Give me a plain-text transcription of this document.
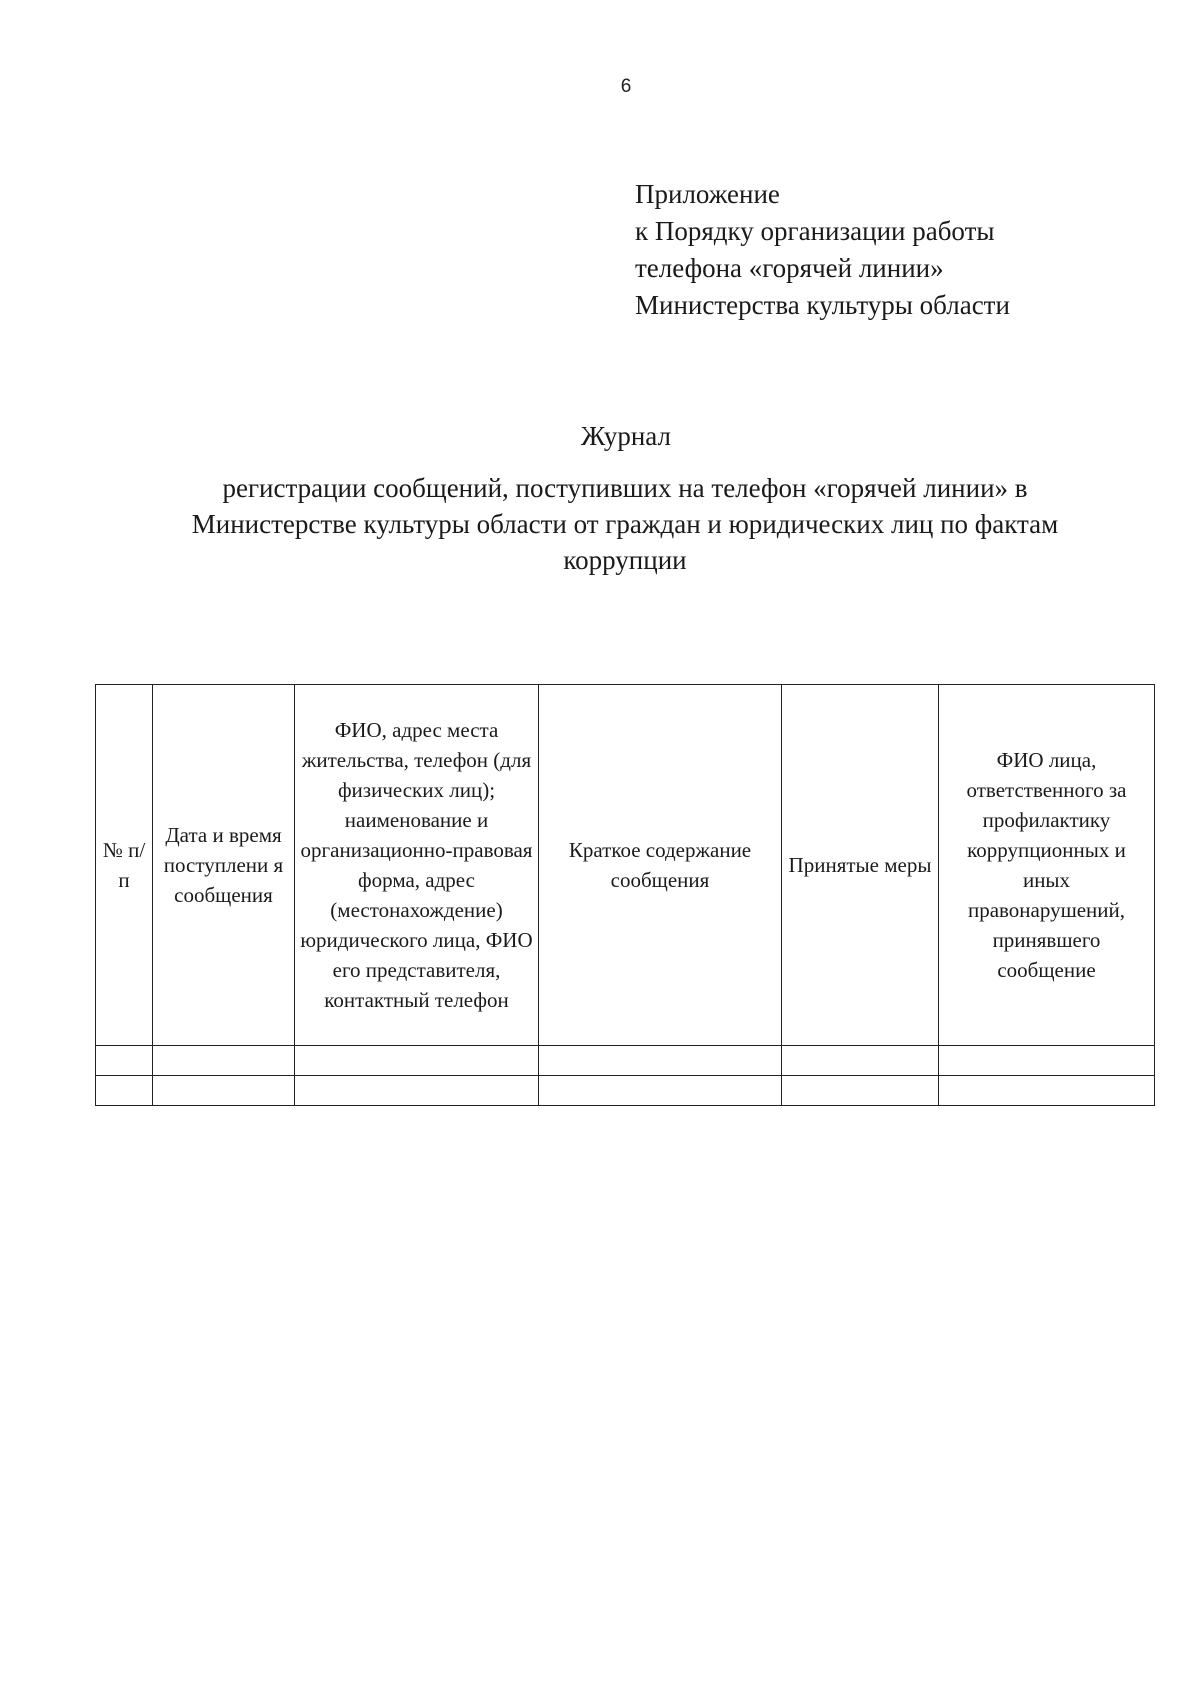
6
Приложение
к Порядку организации работы
телефона «горячей линии»
Министерства культуры области
Журнал
регистрации сообщений, поступивших на телефон «горячей линии» в Министерстве культуры области от граждан и юридических лиц по фактам коррупции
№ п/п	Дата и время поступлени я сообщения	ФИО, адрес места жительства, телефон (для физических лиц); наименование и организационно-правовая форма, адрес (местонахождение) юридического лица, ФИО его представителя, контактный телефон	Краткое содержание сообщения	Принятые меры	ФИО лица, ответственного за профилактику коррупционных и иных правонарушений, принявшего сообщение
